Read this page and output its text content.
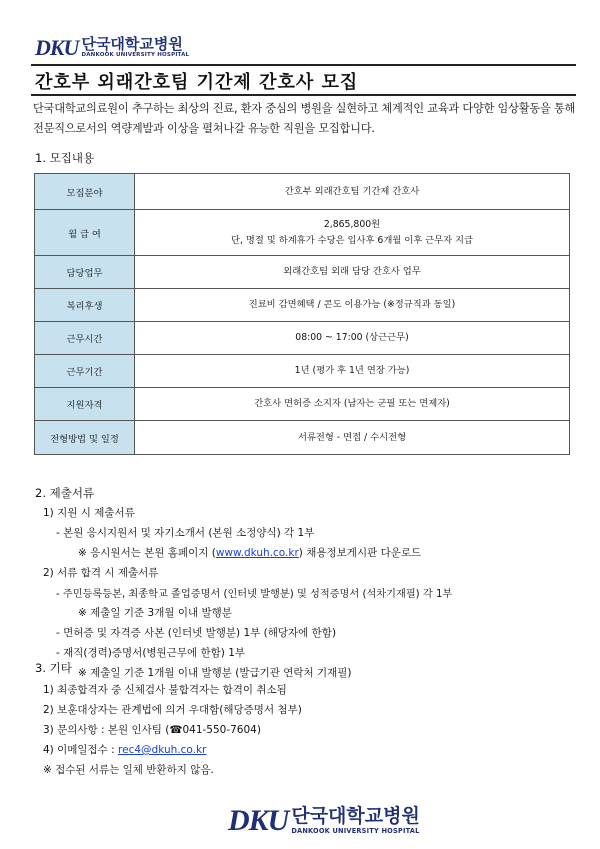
DKU 단국대학교병원
DANKOOK UNIVERSITY HOSPITAL
간호부 외래간호팀 기간제 간호사 모집
단국대학교의료원이 추구하는 최상의 진료, 환자 중심의 병원을 실현하고 체계적인 교육과 다양한 임상활동을 통해 전문직으로서의 역량계발과 이상을 펼쳐나갈 유능한 직원을 모집합니다.
1. 모집내용
모집분야	간호부 외래간호팀 기간제 간호사

월 급 여	2,865,800원
단, 명절 및 하계휴가 수당은 입사후 6개월 이후 근무자 지급

담당업무	외래간호팀 외래 담당 간호사 업무

복리후생	진료비 감면혜택 / 콘도 이용가능 (※정규직과 동일)

근무시간	08:00 ~ 17:00 (상근근무)

근무기간	1년 (평가 후 1년 연장 가능)

지원자격	간호사 면허증 소지자 (남자는 군필 또는 면제자)

전형방법 및 일정	서류전형 - 면접 / 수시전형
2. 제출서류
1) 지원 시 제출서류
- 본원 응시지원서 및 자기소개서 (본원 소정양식) 각 1부
※ 응시원서는 본원 홈페이지 (www.dkuh.co.kr) 채용정보게시판 다운로드
2) 서류 합격 시 제출서류
- 주민등록등본, 최종학교 졸업증명서 (인터넷 발행분) 및 성적증명서 (석차기재필) 각 1부
※ 제출일 기준 3개월 이내 발행분
- 면허증 및 자격증 사본 (인터넷 발행분) 1부 (해당자에 한함)
- 재직(경력)증명서(병원근무에 한함) 1부
※ 제출일 기준 1개월 이내 발행분 (발급기관 연락처 기재필)
3. 기타
1) 최종합격자 중 신체검사 불합격자는 합격이 취소됨
2) 보훈대상자는 관계법에 의거 우대함(해당증명서 첨부)
3) 문의사항 : 본원 인사팀 (☎041-550-7604)
4) 이메일접수 : rec4@dkuh.co.kr
※ 접수된 서류는 일체 반환하지 않음.
DKU 단국대학교병원
DANKOOK UNIVERSITY HOSPITAL
